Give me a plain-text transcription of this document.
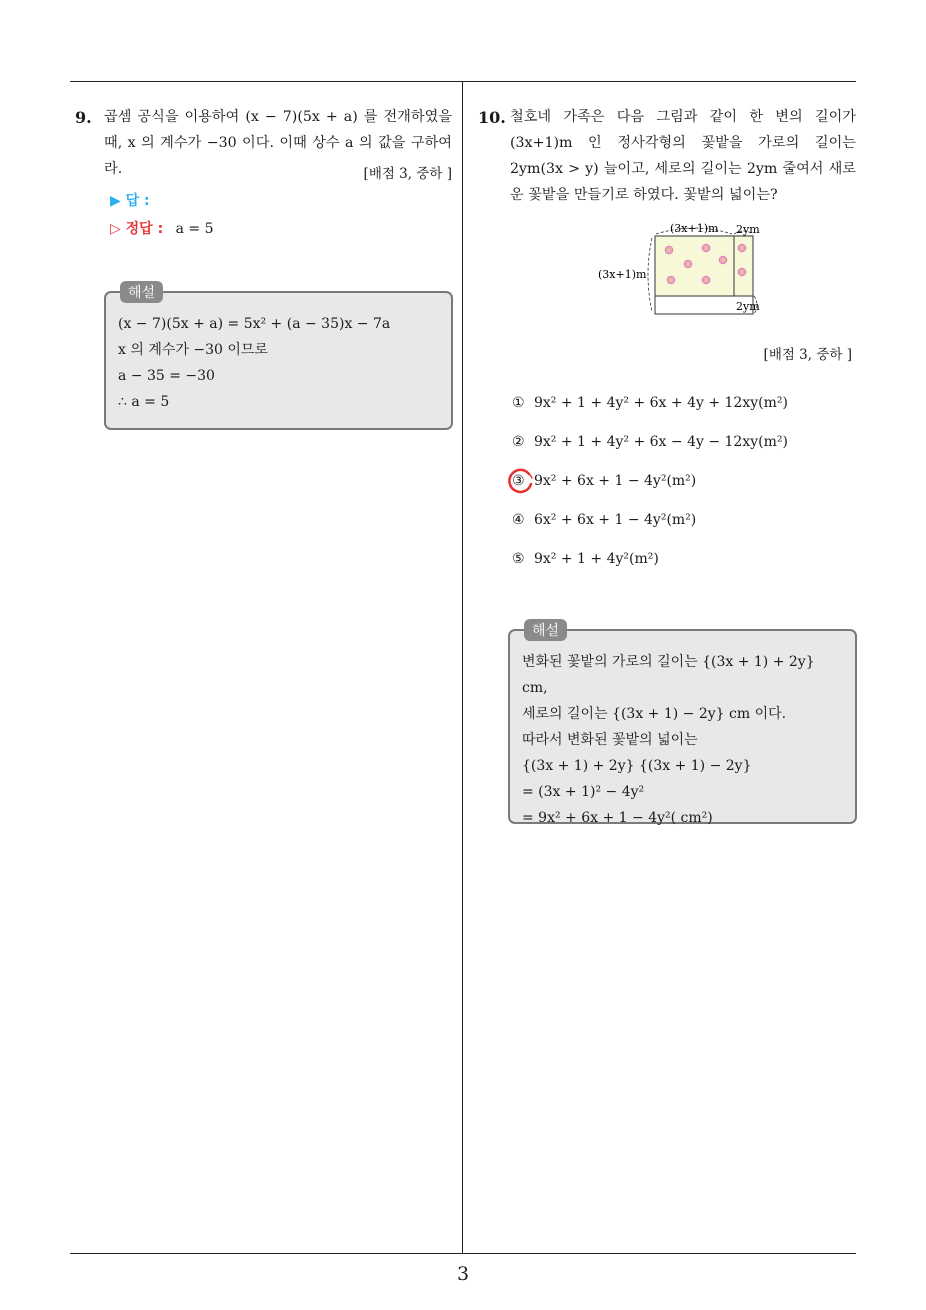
3
9. 곱셈 공식을 이용하여 (x − 7)(5x + a) 를 전개하였을 때, x 의 계수가 −30 이다. 이때 상수 a 의 값을 구하여라.	[배점 3, 중하 ]
▶ 답 :
▷ 정답 : a = 5
(x − 7)(5x + a) = 5x² + (a − 35)x − 7a
x 의 계수가 −30 이므로
a − 35 = −30
∴ a = 5
해설
10. 철호네 가족은 다음 그림과 같이 한 변의 길이가 (3x+1)m 인 정사각형의 꽃밭을 가로의 길이는 2ym(3x > y) 늘이고, 세로의 길이는 2ym 줄여서 새로운 꽃밭을 만들기로 하였다. 꽃밭의 넓이는?
(3x+1)m 2ym
(3x+1)m
2ym
[배점 3, 중하 ]
① 9x² + 1 + 4y² + 6x + 4y + 12xy(m²)
② 9x² + 1 + 4y² + 6x − 4y − 12xy(m²)
③ 9x² + 6x + 1 − 4y²(m²)
④ 6x² + 6x + 1 − 4y²(m²)
⑤ 9x² + 1 + 4y²(m²)
변화된 꽃밭의 가로의 길이는 {(3x + 1) + 2y} cm,
세로의 길이는 {(3x + 1) − 2y} cm 이다.
따라서 변화된 꽃밭의 넓이는
{(3x + 1) + 2y} {(3x + 1) − 2y}
= (3x + 1)² − 4y²
= 9x² + 6x + 1 − 4y²( cm²)
해설
